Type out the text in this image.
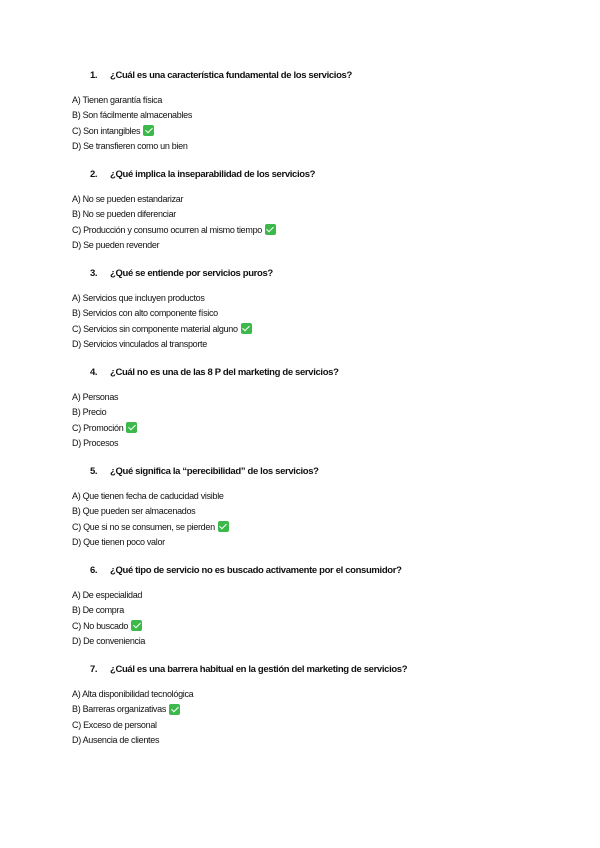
1.	¿Cuál es una característica fundamental de los servicios?
A) Tienen garantía física
B) Son fácilmente almacenables
C) Son intangibles
D) Se transfieren como un bien
2.	¿Qué implica la inseparabilidad de los servicios?
A) No se pueden estandarizar
B) No se pueden diferenciar
C) Producción y consumo ocurren al mismo tiempo
D) Se pueden revender
3.	¿Qué se entiende por servicios puros?
A) Servicios que incluyen productos
B) Servicios con alto componente físico
C) Servicios sin componente material alguno
D) Servicios vinculados al transporte
4.	¿Cuál no es una de las 8 P del marketing de servicios?
A) Personas
B) Precio
C) Promoción
D) Procesos
5.	¿Qué significa la “perecibilidad” de los servicios?
A) Que tienen fecha de caducidad visible
B) Que pueden ser almacenados
C) Que si no se consumen, se pierden
D) Que tienen poco valor
6.	¿Qué tipo de servicio no es buscado activamente por el consumidor?
A) De especialidad
B) De compra
C) No buscado
D) De conveniencia
7.	¿Cuál es una barrera habitual en la gestión del marketing de servicios?
A) Alta disponibilidad tecnológica
B) Barreras organizativas
C) Exceso de personal
D) Ausencia de clientes
